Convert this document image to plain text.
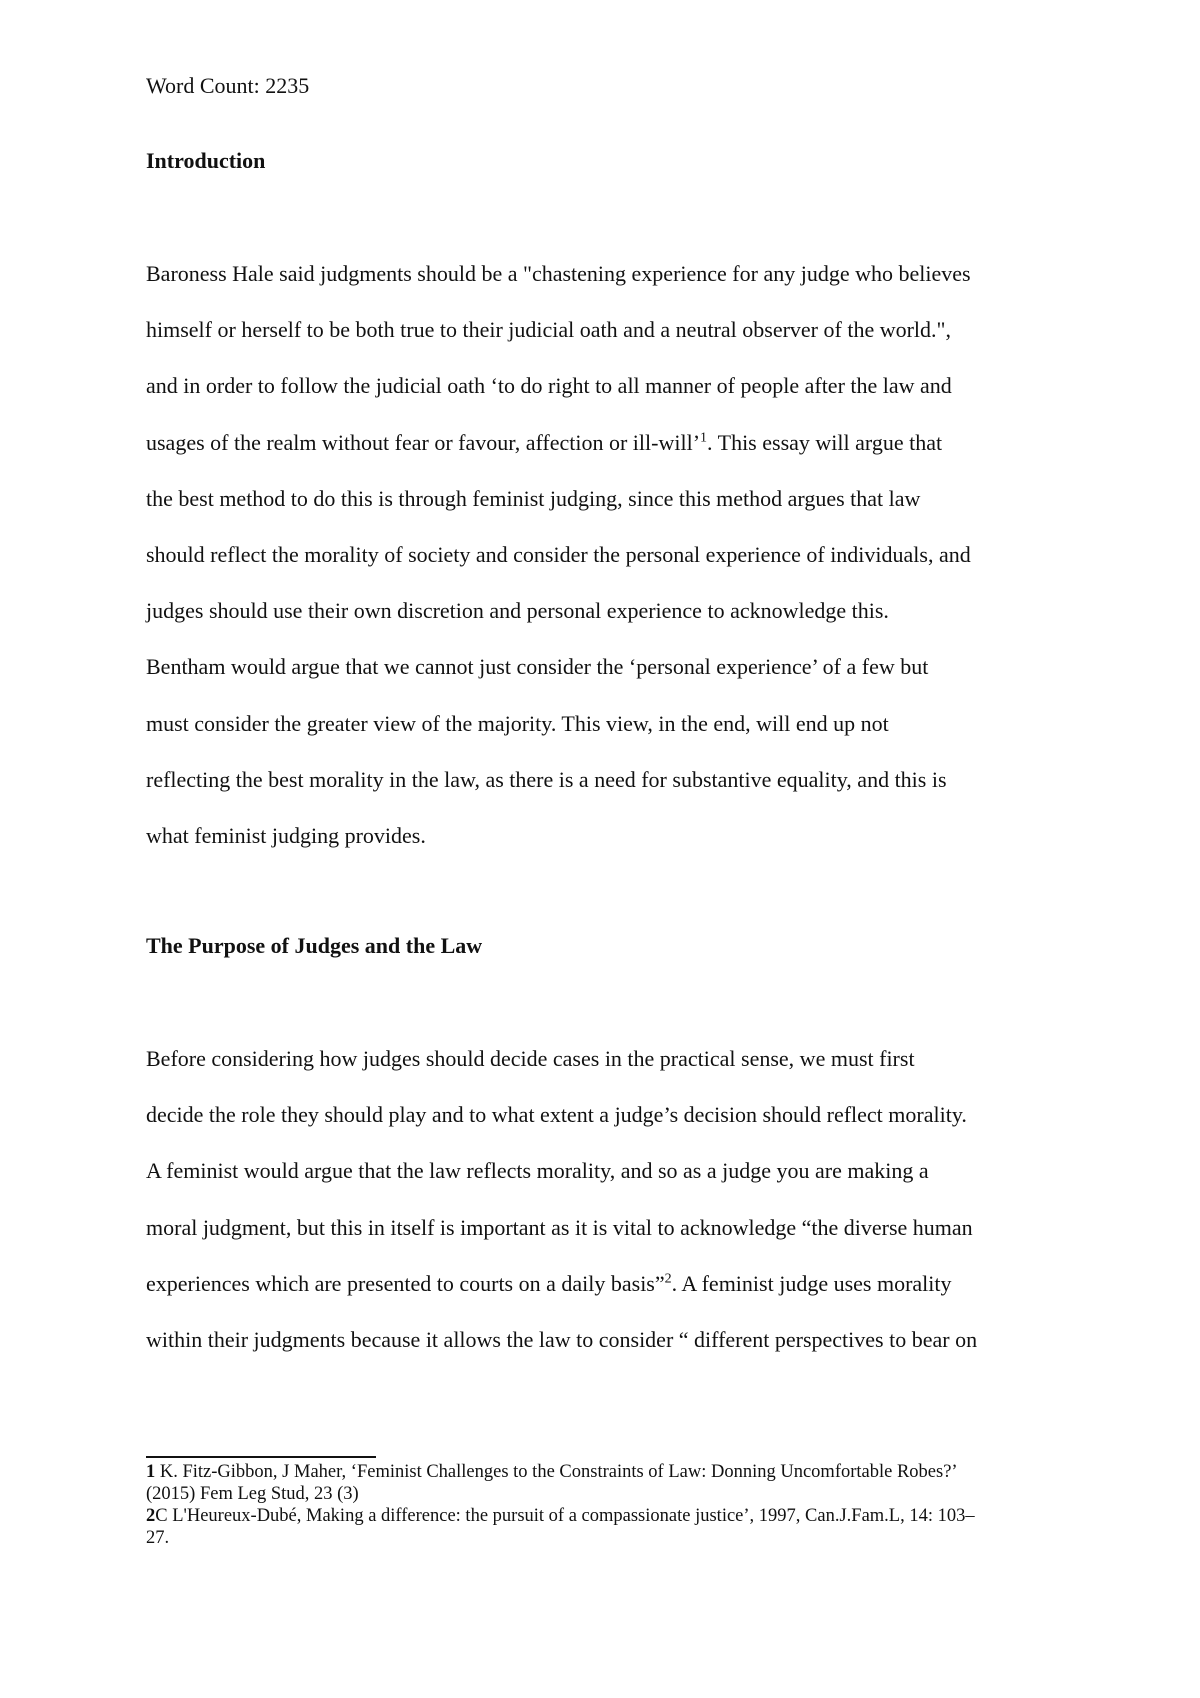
Word Count: 2235
Introduction

Baroness Hale said judgments should be a "chastening experience for any judge who believes
himself or herself to be both true to their judicial oath and a neutral observer of the world.",
and in order to follow the judicial oath ‘to do right to all manner of people after the law and
usages of the realm without fear or favour, affection or ill-will’$^1$. This essay will argue that
the best method to do this is through feminist judging, since this method argues that law
should reflect the morality of society and consider the personal experience of individuals, and
judges should use their own discretion and personal experience to acknowledge this.
Bentham would argue that we cannot just consider the ‘personal experience’ of a few but
must consider the greater view of the majority. This view, in the end, will end up not
reflecting the best morality in the law, as there is a need for substantive equality, and this is
what feminist judging provides.

The Purpose of Judges and the Law

Before considering how judges should decide cases in the practical sense, we must first
decide the role they should play and to what extent a judge’s decision should reflect morality.
A feminist would argue that the law reflects morality, and so as a judge you are making a
moral judgment, but this in itself is important as it is vital to acknowledge “the diverse human
experiences which are presented to courts on a daily basis”$^2$. A feminist judge uses morality
within their judgments because it allows the law to consider “ different perspectives to bear on

1 K. Fitz-Gibbon, J Maher, ‘Feminist Challenges to the Constraints of Law: Donning Uncomfortable Robes?’
(2015) Fem Leg Stud, 23 (3)
2C L'Heureux-Dubé, Making a difference: the pursuit of a compassionate justice’, 1997, Can.J.Fam.L, 14: 103–
27.
